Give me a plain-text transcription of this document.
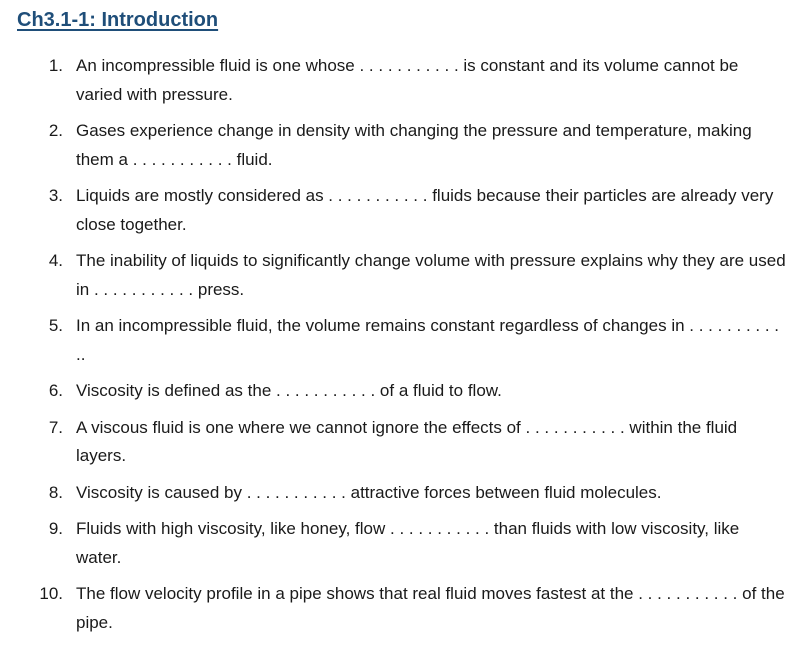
Ch3.1-1: Introduction
1. An incompressible fluid is one whose . . . . . . . . . . . is constant and its volume cannot be varied with pressure.
2. Gases experience change in density with changing the pressure and temperature, making them a . . . . . . . . . . . fluid.
3. Liquids are mostly considered as . . . . . . . . . . . fluids because their particles are already very close together.
4. The inability of liquids to significantly change volume with pressure explains why they are used in . . . . . . . . . . . press.
5. In an incompressible fluid, the volume remains constant regardless of changes in . . . . . . . . . . ..
6. Viscosity is defined as the . . . . . . . . . . . of a fluid to flow.
7. A viscous fluid is one where we cannot ignore the effects of . . . . . . . . . . . within the fluid layers.
8. Viscosity is caused by . . . . . . . . . . . attractive forces between fluid molecules.
9. Fluids with high viscosity, like honey, flow . . . . . . . . . . . than fluids with low viscosity, like water.
10. The flow velocity profile in a pipe shows that real fluid moves fastest at the . . . . . . . . . . . of the pipe.
